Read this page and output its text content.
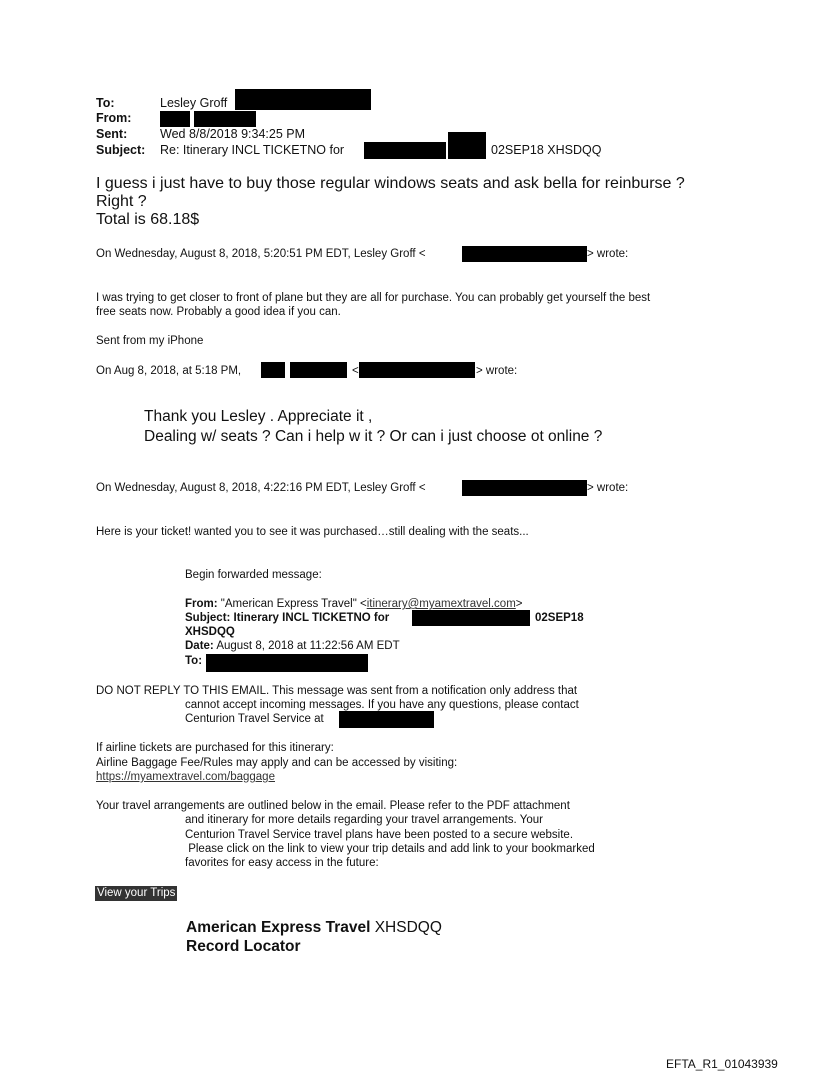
To:	Lesley Groff
From:
Sent:	Wed 8/8/2018 9:34:25 PM
Subject: Re: Itinerary INCL TICKETNO for	02SEP18 XHSDQQ
I guess i just have to buy those regular windows seats and ask bella for reinburse ?
Right ?
Total is 68.18$
On Wednesday, August 8, 2018, 5:20:51 PM EDT, Lesley Groff <	> wrote:
I was trying to get closer to front of plane but they are all for purchase. You can probably get yourself the best
free seats now. Probably a good idea if you can.
Sent from my iPhone
On Aug 8, 2018, at 5:18 PM,	<	> wrote:
Thank you Lesley . Appreciate it ,
Dealing w/ seats ? Can i help w it ? Or can i just choose ot online ?
On Wednesday, August 8, 2018, 4:22:16 PM EDT, Lesley Groff <	> wrote:
Here is your ticket! wanted you to see it was purchased…still dealing with the seats...
Begin forwarded message:
From: "American Express Travel" <itinerary@myamextravel.com>
Subject: Itinerary INCL TICKETNO for	02SEP18
XHSDQQ
Date: August 8, 2018 at 11:22:56 AM EDT
To:
DO NOT REPLY TO THIS EMAIL. This message was sent from a notification only address that
cannot accept incoming messages. If you have any questions, please contact
Centurion Travel Service at
If airline tickets are purchased for this itinerary:
Airline Baggage Fee/Rules may apply and can be accessed by visiting:
https://myamextravel.com/baggage
Your travel arrangements are outlined below in the email. Please refer to the PDF attachment
and itinerary for more details regarding your travel arrangements. Your
Centurion Travel Service travel plans have been posted to a secure website.
Please click on the link to view your trip details and add link to your bookmarked
favorites for easy access in the future:
View your Trips
American Express Travel XHSDQQ
Record Locator
EFTA_R1_01043939
